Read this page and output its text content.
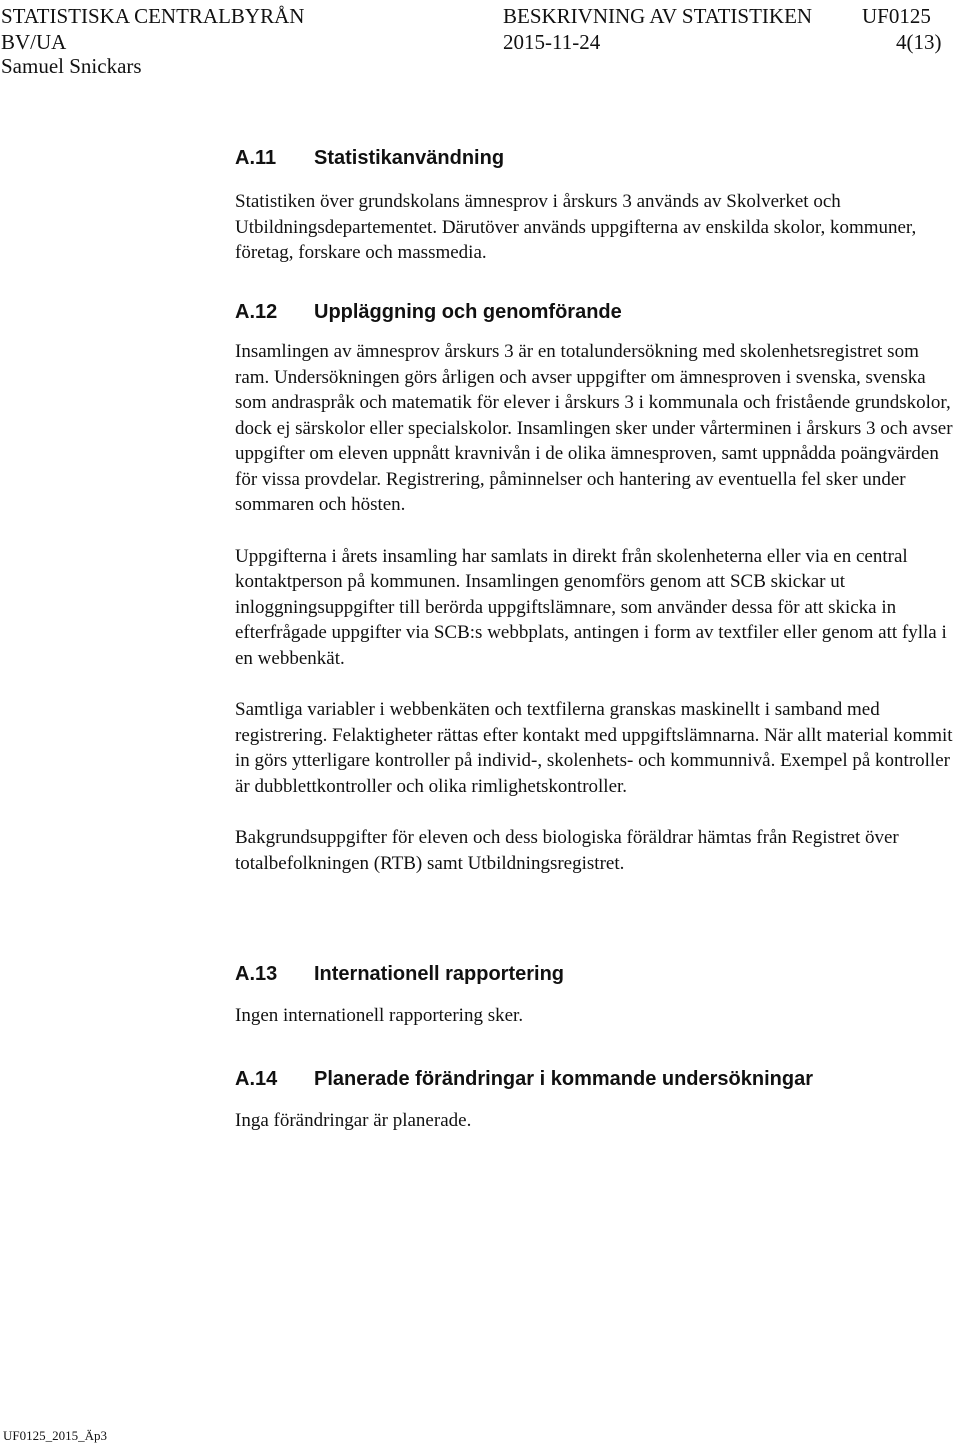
STATISTISKA CENTRALBYRÅN	BESKRIVNING AV STATISTIKEN UF0125
BV/UA	2015-11-24	4(13)
Samuel Snickars
A.11 Statistikanvändning

Statistiken över grundskolans ämnesprov i årskurs 3 används av Skolverket och Utbildningsdepartementet. Därutöver används uppgifterna av enskilda skolor, kommuner, företag, forskare och massmedia.

A.12 Uppläggning och genomförande

Insamlingen av ämnesprov årskurs 3 är en totalundersökning med skolenhetsregistret som ram. Undersökningen görs årligen och avser uppgifter om ämnesproven i svenska, svenska som andraspråk och matematik för elever i årskurs 3 i kommunala och fristående grundskolor, dock ej särskolor eller specialskolor. Insamlingen sker under vårterminen i årskurs 3 och avser uppgifter om eleven uppnått kravnivån i de olika ämnesproven, samt uppnådda poängvärden för vissa provdelar. Registrering, påminnelser och hantering av eventuella fel sker under sommaren och hösten.

Uppgifterna i årets insamling har samlats in direkt från skolenheterna eller via en central kontaktperson på kommunen. Insamlingen genomförs genom att SCB skickar ut inloggningsuppgifter till berörda uppgiftslämnare, som använder dessa för att skicka in efterfrågade uppgifter via SCB:s webbplats, antingen i form av textfiler eller genom att fylla i en webbenkät.

Samtliga variabler i webbenkäten och textfilerna granskas maskinellt i samband med registrering. Felaktigheter rättas efter kontakt med uppgiftslämnarna. När allt material kommit in görs ytterligare kontroller på individ-, skolenhets- och kommunnivå. Exempel på kontroller är dubblettkontroller och olika rimlighetskontroller.

Bakgrundsuppgifter för eleven och dess biologiska föräldrar hämtas från Registret över totalbefolkningen (RTB) samt Utbildningsregistret.

A.13 Internationell rapportering

Ingen internationell rapportering sker.

A.14 Planerade förändringar i kommande undersökningar

Inga förändringar är planerade.

UF0125_2015_Äp3
